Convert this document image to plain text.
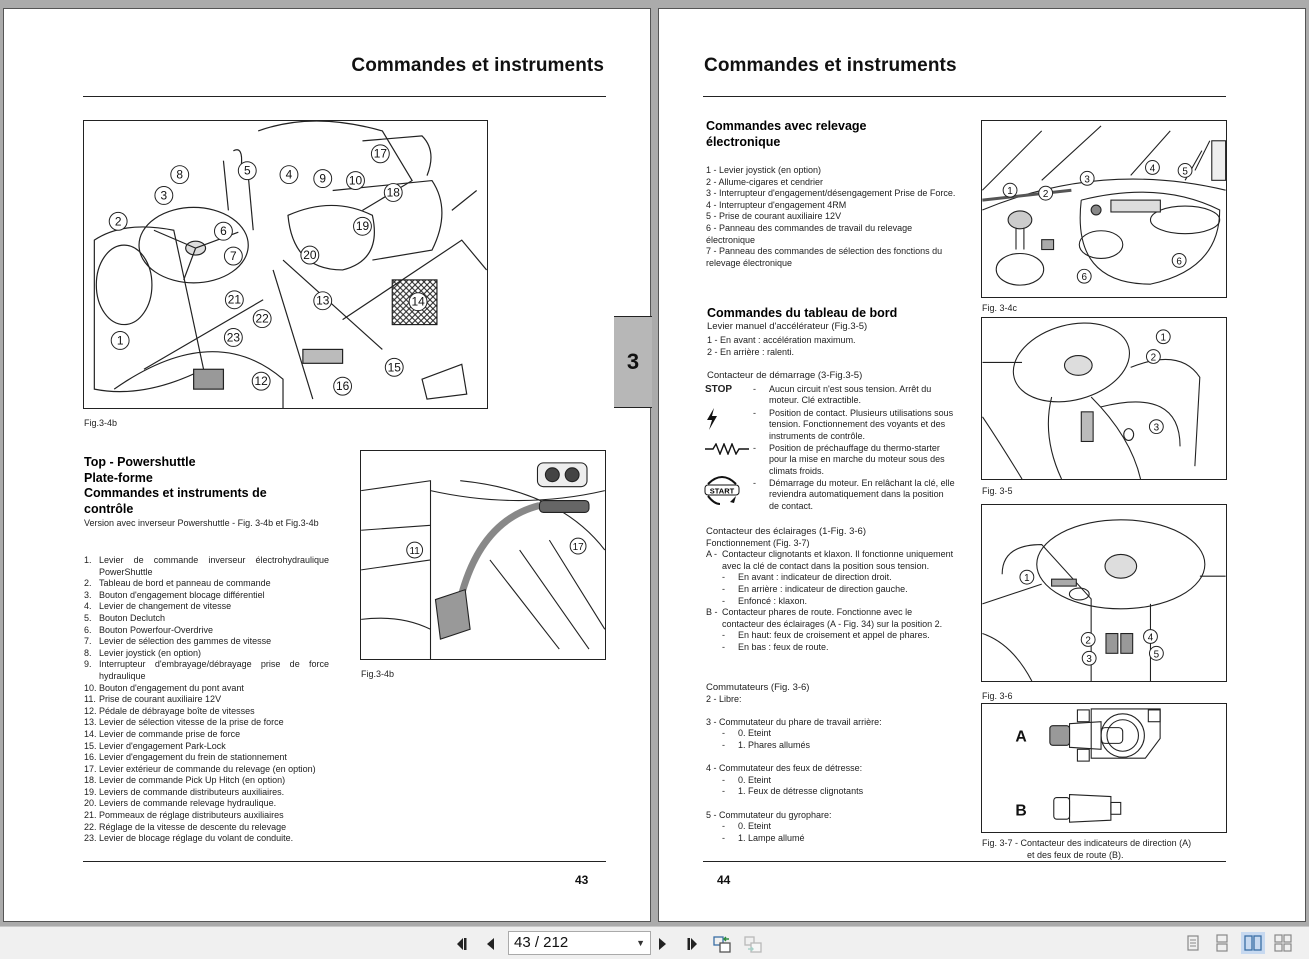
Commandes et instruments
1
2
3
4
5
6
7
8	9 10
12
13	14
15
16
17
18
19
20
21
22
23
Fig.3-4b
11	17
Fig.3-4b
Top - Powershuttle
Plate-forme
Commandes et instruments de
contrôle
Version avec inverseur Powershuttle - Fig. 3-4b et Fig.3-4b
1. Levier de commande inverseur électrohydraulique PowerShuttle
2. Tableau de bord et panneau de commande
3. Bouton d'engagement blocage différentiel
4. Levier de changement de vitesse
5. Bouton Declutch
6. Bouton Powerfour-Overdrive
7. Levier de sélection des gammes de vitesse
8. Levier joystick (en option)
9. Interrupteur d'embrayage/débrayage prise de force hydraulique
10. Bouton d'engagement du pont avant
11. Prise de courant auxiliaire 12V
12. Pédale de débrayage boîte de vitesses
13. Levier de sélection vitesse de la prise de force
14. Levier de commande prise de force
15. Levier d'engagement Park-Lock
16. Levier d'engagement du frein de stationnement
17. Levier extérieur de commande du relevage (en option)
18. Levier de commande Pick Up Hitch (en option)
19. Leviers de commande distributeurs auxiliaires.
20. Leviers de commande relevage hydraulique.
21. Pommeaux de réglage distributeurs auxiliaires
22. Réglage de la vitesse de descente du relevage
23. Levier de blocage réglage du volant de conduite.
43
3
Commandes et instruments
44
1	2
3
4	5
6
6
Fig. 3-4c
1
2
3
Fig. 3-5
1
2
3
4
5
Fig. 3-6
A
B
Fig. 3-7 - Contacteur des indicateurs de direction (A)
et des feux de route (B).
Commandes avec relevage
électronique
1 - Levier joystick (en option)
2 - Allume-cigares et cendrier
3 - Interrupteur d'engagement/désengagement Prise de Force.
4 - Interrupteur d'engagement 4RM
5 - Prise de courant auxiliaire 12V
6 - Panneau des commandes de travail du relevage électronique
7 - Panneau des commandes de sélection des fonctions du relevage électronique
Commandes du tableau de bord
Levier manuel d'accélérateur (Fig.3-5)
1 - En avant : accélération maximum.
2 - En arrière : ralenti.
Contacteur de démarrage (3-Fig.3-5)
STOP	-	Aucun circuit n'est sous tension. Arrêt du moteur. Clé extractible.
-	Position de contact. Plusieurs utilisations sous tension. Fonctionnement des voyants et des instruments de contrôle.
-	Position de préchauffage du thermo-starter pour la mise en marche du moteur sous des climats froids.
START
-	Démarrage du moteur. En relâchant la clé, elle reviendra automatiquement dans la position de contact.
Contacteur des éclairages (1-Fig. 3-6)
Fonctionnement (Fig. 3-7)
A - Contacteur clignotants et klaxon. Il fonctionne uniquement avec la clé de contact dans la position sous tension.
-	En avant : indicateur de direction droit.
-	En arrière : indicateur de direction gauche.
-	Enfoncé : klaxon.
B - Contacteur phares de route. Fonctionne avec le contacteur des éclairages (A - Fig. 34) sur la position 2.
-	En haut: feux de croisement et appel de phares.
-	En bas : feux de route.
Commutateurs (Fig. 3-6)
2 - Libre:
3 - Commutateur du phare de travail arrière:
-	0. Eteint
-	1. Phares allumés
4 - Commutateur des feux de détresse:
-	0. Eteint
-	1. Feux de détresse clignotants
5 - Commutateur du gyrophare:
-	0. Eteint
-	1. Lampe allumé
43 / 212	▼
